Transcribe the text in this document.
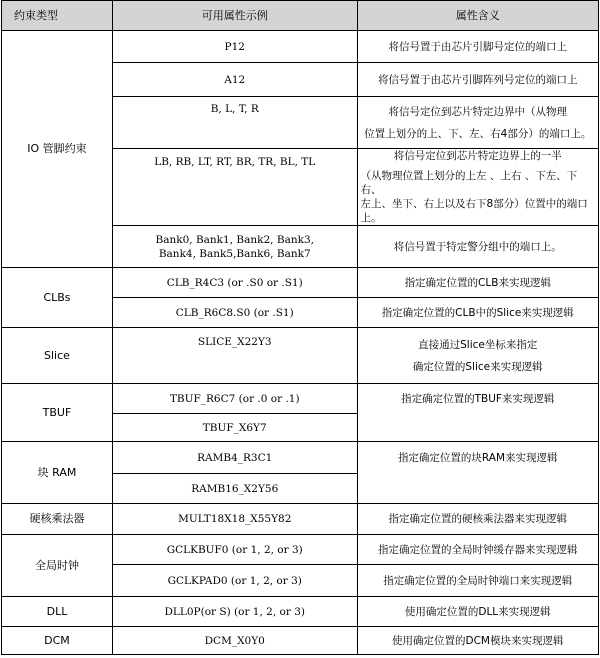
约束类型	可用属性示例	属性含义
IO 管脚约束	P12	将信号置于由芯片引脚号定位的端口上

	A12	将信号置于由芯片引脚阵列号定位的端口上

	B, L, T, R	将信号定位到芯片特定边界中（从物理
位置上划分的上、下、左、右4部分）的端口上。

	LB, RB, LT, RT, BR, TR, BL, TL	将信号定位到芯片特定边界上的一半
（从物理位置上划分的上左 、上右 、下左、下右、
左上、坐下、右上以及右下8部分）位置中的端口上。

	Bank0, Bank1, Bank2, Bank3, Bank4, Bank5,Bank6, Bank7	将信号置于特定警分组中的端口上。

CLBs	CLB_R4C3 (or .S0 or .S1)	指定确定位置的CLB来实现逻辑

	CLB_R6C8.S0 (or .S1)	指定确定位置的CLB中的Slice来实现逻辑

Slice	SLICE_X22Y3	直接通过Slice坐标来指定
确定位置的Slice来实现逻辑

TBUF	TBUF_R6C7 (or .0 or .1)	指定确定位置的TBUF来实现逻辑

	TBUF_X6Y7	
块 RAM	RAMB4_R3C1	指定确定位置的块RAM来实现逻辑

	RAMB16_X2Y56	
硬核乘法器	MULT18X18_X55Y82	指定确定位置的硬核乘法器来实现逻辑

全局时钟	GCLKBUF0 (or 1, 2, or 3)	指定确定位置的全局时钟缓存器来实现逻辑

	GCLKPAD0 (or 1, 2, or 3)	指定确定位置的全局时钟端口来实现逻辑

DLL	DLL0P(or S) (or 1, 2, or 3)	使用确定位置的DLL来实现逻辑

DCM	DCM_X0Y0	使用确定位置的DCM模块来实现逻辑
